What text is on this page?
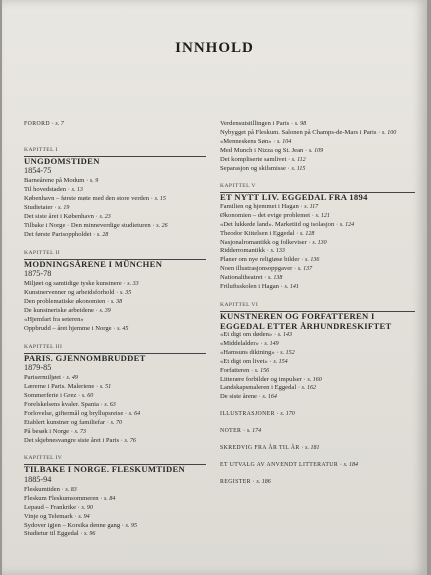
INNHOLD
FORORD · s. 7
KAPITTEL I
UNGDOMSTIDEN
1854-75
Barneårene på Modum · s. 9
Til hovedstaden · s. 13
København – første møte med den store verden · s. 15
Studietater · s. 19
Det siste året i København · s. 23
Tilbake i Norge · Den minneverdige studieturen · s. 26
Det første Parisoppholdet · s. 28
KAPITTEL II
MODNINGSÅRENE I MÜNCHEN
1875-78
Miljøet og samtidige tyske kunstnere · s. 33
Kunstnervenner og arbeidsforhold · s. 35
Den problematiske økonomien · s. 38
De kunstneriske arbeidene · s. 39
«Hjemfart fra seteren»
Oppbrudd – året hjemme i Norge · s. 45
KAPITTEL III
PARIS. GJENNOMBRUDDET
1879-85
Parisermiljøet · s. 49
Lærerne i Paris. Maleriene · s. 51
Sommerferie i Grez · s. 60
Forelskelsens kvaler. Spania · s. 63
Forlovelse, giftermål og bryllupsreise · s. 64
Etablert kunstner og familiefar · s. 70
På besøk i Norge · s. 73
Det skjebnesvangre siste året i Paris · s. 76
KAPITTEL IV
TILBAKE I NORGE. FLESKUMTIDEN
1885-94
Fleskumtiden · s. 83
Fleskum Fleskumsommeren · s. 84
Lepaud – Frankrike · s. 90
Vinje og Telemark · s. 94
Sydover igjen – Korsika denne gang · s. 95
Studietur til Eggedal · s. 96
Verdensutstillingen i Paris · s. 98
Nybygget på Fleskum. Salonen på Champs-de-Mars i Paris · s. 100
«Menneskens Søn» · s. 104
Med Munch i Nizza og St. Jean · s. 109
Det kompliserte samlivet · s. 112
Separasjon og skilsmisse · s. 115
KAPITTEL V
ET NYTT LIV. EGGEDAL FRA 1894
Familien og hjemmet i Hagan · s. 117
Økonomien – det evige problemet · s. 121
«Det lukkede land». Marketiid og isolasjon · s. 124
Theodor Kittelsen i Eggedal · s. 128
Nasjonalromantikk og folkeviser · s. 130
Ridderromantikk · s. 133
Planer om nye religiøse bilder · s. 136
Noen illustrasjonsoppgaver · s. 137
Nationaltheatret · s. 138
Friluftsskolen i Hagan · s. 141
KAPITTEL VI
KUNSTNEREN OG FORFATTEREN I EGGEDAL ETTER ÅRHUNDRESKIFTET
«Et digt om døden» · s. 143
«Middelalder» · s. 149
«Hamsuns diktning» · s. 152
«Et digt om livet» · s. 154
Forfatteren · s. 156
Litterære forbilder og impulser · s. 160
Landskapsmaleren i Eggedal · s. 162
De siste årene · s. 164
ILLUSTRASJONER · s. 170
NOTER · s. 174
SKREDVIG FRA ÅR TIL ÅR · s. 181
ET UTVALG AV ANVENDT LITTERATUR · s. 184
REGISTER · s. 186
